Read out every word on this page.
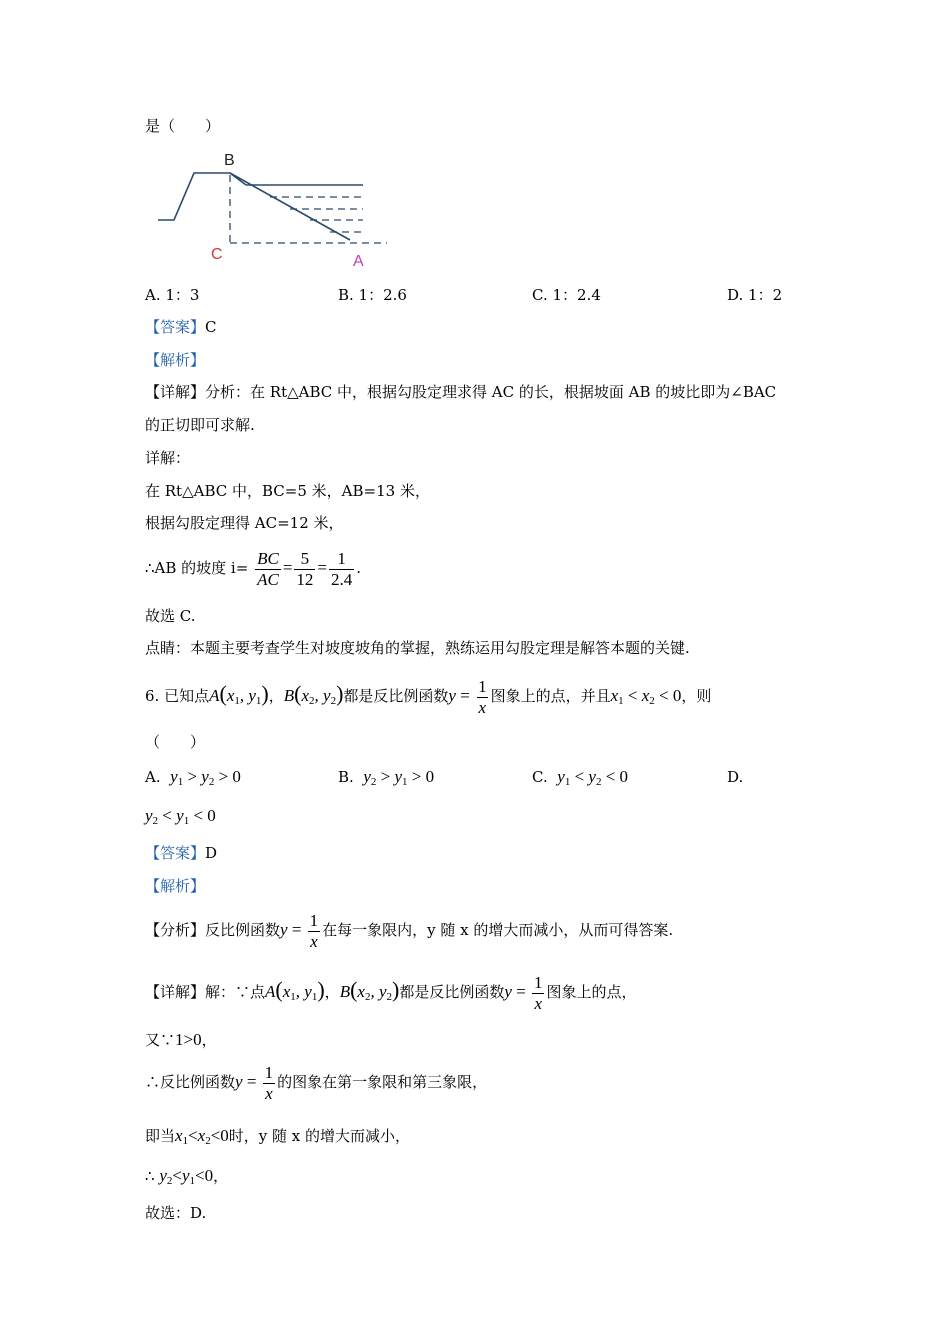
是（　　）
B
C	A
A. 1：3	B. 1：2.6	C. 1：2.4	D. 1：2
【答案】C
【解析】
【详解】分析：在 Rt△ABC 中，根据勾股定理求得 AC 的长，根据坡面 AB 的坡比即为∠BAC
的正切即可求解.
详解：
在 Rt△ABC 中，BC=5 米，AB=13 米，
根据勾股定理得 AC=12 米，
∴AB 的坡度 $i= \frac{BC}{AC} = \frac{5}{12} = \frac{1}{2.4}$ .
故选 C.
点睛：本题主要考查学生对坡度坡角的掌握，熟练运用勾股定理是解答本题的关键.
6. 已知点$A(x_1$, $y_1$)，$B(x_2$, $y_2$)都是反比例函数$y = \frac{1}{x}$ 图象上的点，并且$x_1 < x_2 < 0$，则
（　　）
A. $y_1 > y_2 > 0$	B. $y_2 > y_1 > 0$	C. $y_1 < y_2 < 0$	D.
$y_2 < y_1 < 0$
【答案】D
【解析】
【分析】反比例函数$y = \frac{1}{x}$ 在每一象限内，y 随 x 的增大而减小，从而可得答案.
【详解】解：∵点$A(x_1$, $y_1$)，$B(x_2$, $y_2$)都是反比例函数$y = \frac{1}{x}$ 图象上的点，
又∵1>0，
∴反比例函数$y = \frac{1}{x}$ 的图象在第一象限和第三象限，
即当$x_1<x_2<0$时，y 随 x 的增大而减小，
∴ $y_2<y_1<0$，
故选：D.
